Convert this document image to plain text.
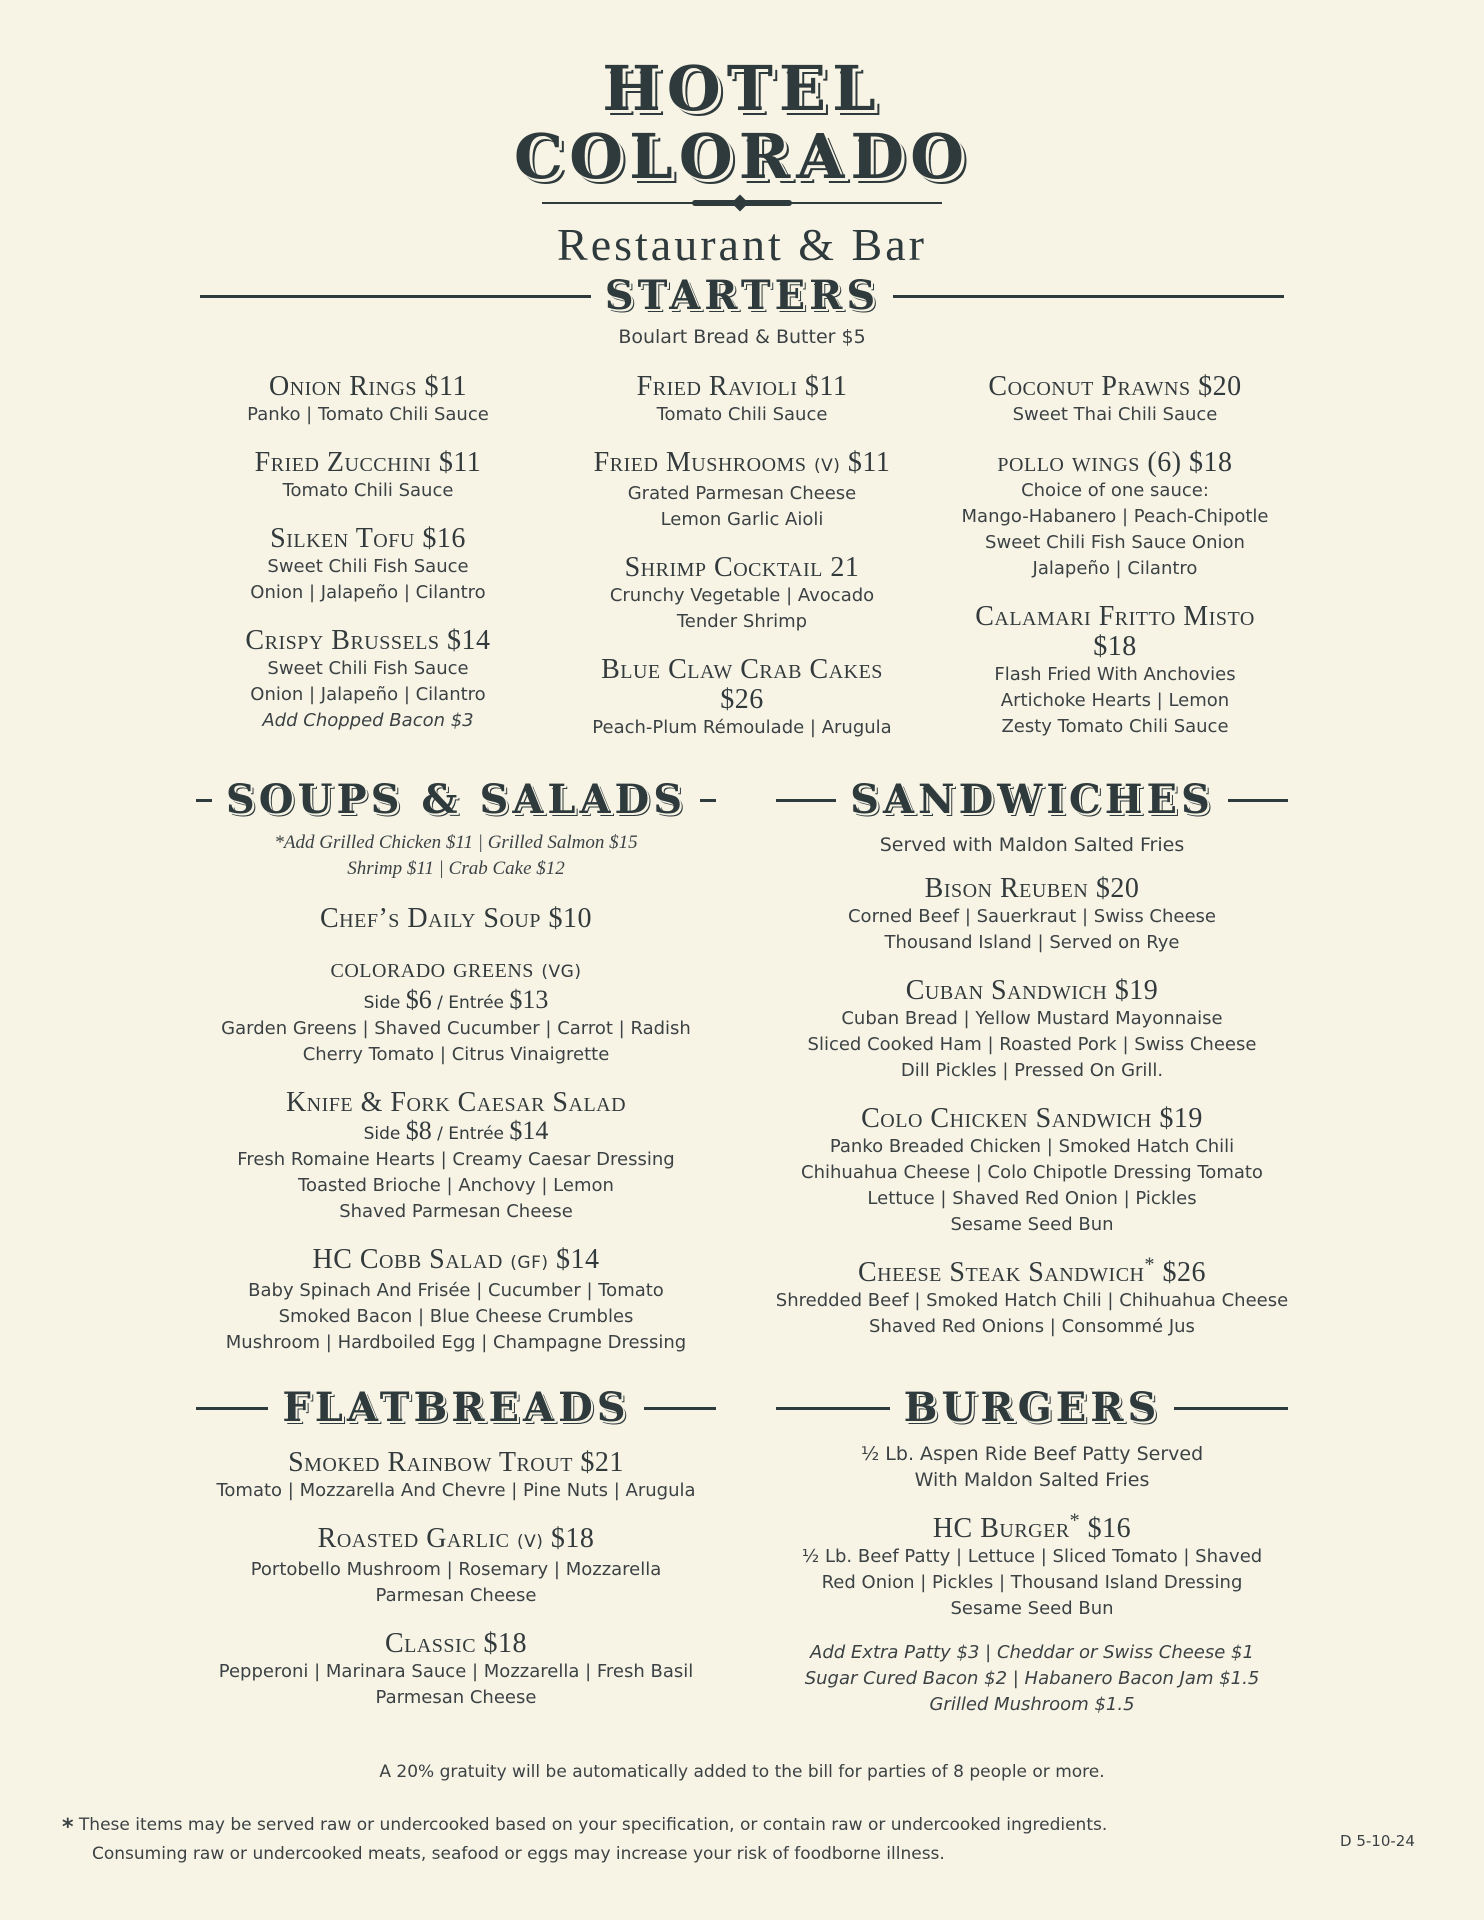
HOTEL
COLORADO
Restaurant & Bar
STARTERS
Boulart Bread & Butter $5
Onion Rings $11
Panko | Tomato Chili Sauce
Fried Zucchini $11
Tomato Chili Sauce
Silken Tofu $16
Sweet Chili Fish Sauce
Onion | Jalapeño | Cilantro
Crispy Brussels $14
Sweet Chili Fish Sauce
Onion | Jalapeño | Cilantro
Add Chopped Bacon $3
Fried Ravioli $11
Tomato Chili Sauce
Fried Mushrooms (V) $11
Grated Parmesan Cheese
Lemon Garlic Aioli
Shrimp Cocktail 21
Crunchy Vegetable | Avocado
Tender Shrimp
Blue Claw Crab Cakes
$26
Peach-Plum Rémoulade | Arugula
Coconut Prawns $20
Sweet Thai Chili Sauce
pollo wings (6) $18
Choice of one sauce:
Mango-Habanero | Peach-Chipotle
Sweet Chili Fish Sauce Onion
Jalapeño | Cilantro
Calamari Fritto Misto
$18
Flash Fried With Anchovies
Artichoke Hearts | Lemon
Zesty Tomato Chili Sauce
SOUPS & SALADS
*Add Grilled Chicken $11 | Grilled Salmon $15
Shrimp $11 | Crab Cake $12
Chef’s Daily Soup $10
colorado greens (VG)
Side $6 / Entrée $13
Garden Greens | Shaved Cucumber | Carrot | Radish
Cherry Tomato | Citrus Vinaigrette
Knife & Fork Caesar Salad
Side $8 / Entrée $14
Fresh Romaine Hearts | Creamy Caesar Dressing
Toasted Brioche | Anchovy | Lemon
Shaved Parmesan Cheese
HC Cobb Salad (GF) $14
Baby Spinach And Frisée | Cucumber | Tomato
Smoked Bacon | Blue Cheese Crumbles
Mushroom | Hardboiled Egg | Champagne Dressing
SANDWICHES
Served with Maldon Salted Fries
Bison Reuben $20
Corned Beef | Sauerkraut | Swiss Cheese
Thousand Island | Served on Rye
Cuban Sandwich $19
Cuban Bread | Yellow Mustard Mayonnaise
Sliced Cooked Ham | Roasted Pork | Swiss Cheese
Dill Pickles | Pressed On Grill.
Colo Chicken Sandwich $19
Panko Breaded Chicken | Smoked Hatch Chili
Chihuahua Cheese | Colo Chipotle Dressing Tomato
Lettuce | Shaved Red Onion | Pickles
Sesame Seed Bun
Cheese Steak Sandwich* $26
Shredded Beef | Smoked Hatch Chili | Chihuahua Cheese
Shaved Red Onions | Consommé Jus
FLATBREADS
Smoked Rainbow Trout $21
Tomato | Mozzarella And Chevre | Pine Nuts | Arugula
Roasted Garlic (V) $18
Portobello Mushroom | Rosemary | Mozzarella
Parmesan Cheese
Classic $18
Pepperoni | Marinara Sauce | Mozzarella | Fresh Basil
Parmesan Cheese
BURGERS
½ Lb. Aspen Ride Beef Patty Served
With Maldon Salted Fries
HC Burger* $16
½ Lb. Beef Patty | Lettuce | Sliced Tomato | Shaved
Red Onion | Pickles | Thousand Island Dressing
Sesame Seed Bun
Add Extra Patty $3 | Cheddar or Swiss Cheese $1
Sugar Cured Bacon $2 | Habanero Bacon Jam $1.5
Grilled Mushroom $1.5
A 20% gratuity will be automatically added to the bill for parties of 8 people or more.
* These items may be served raw or undercooked based on your specification, or contain raw or undercooked ingredients.
Consuming raw or undercooked meats, seafood or eggs may increase your risk of foodborne illness.
D 5-10-24
